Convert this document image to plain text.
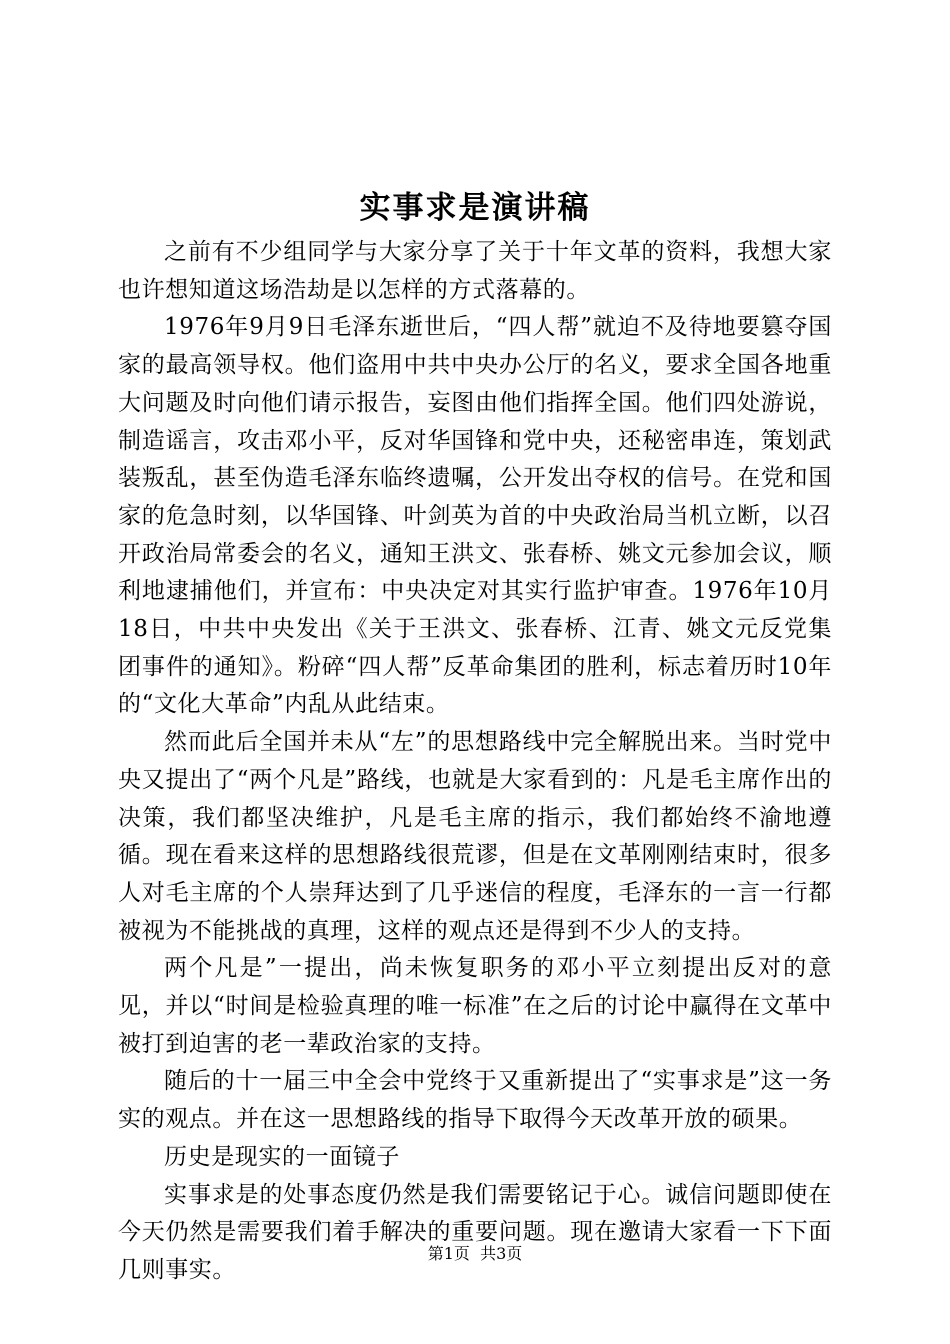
实事求是演讲稿

之前有不少组同学与大家分享了关于十年文革的资料，我想大家也许想知道这场浩劫是以怎样的方式落幕的。

1976年9月9日毛泽东逝世后，“四人帮”就迫不及待地要篡夺国家的最高领导权。他们盗用中共中央办公厅的名义，要求全国各地重大问题及时向他们请示报告，妄图由他们指挥全国。他们四处游说，制造谣言，攻击邓小平，反对华国锋和党中央，还秘密串连，策划武装叛乱，甚至伪造毛泽东临终遗嘱，公开发出夺权的信号。在党和国家的危急时刻，以华国锋、叶剑英为首的中央政治局当机立断，以召开政治局常委会的名义，通知王洪文、张春桥、姚文元参加会议，顺利地逮捕他们，并宣布：中央决定对其实行监护审查。1976年10月18日，中共中央发出《关于王洪文、张春桥、江青、姚文元反党集团事件的通知》。粉碎“四人帮”反革命集团的胜利，标志着历时10年的“文化大革命”内乱从此结束。

然而此后全国并未从“左”的思想路线中完全解脱出来。当时党中央又提出了“两个凡是”路线，也就是大家看到的：凡是毛主席作出的决策，我们都坚决维护，凡是毛主席的指示，我们都始终不渝地遵循。现在看来这样的思想路线很荒谬，但是在文革刚刚结束时，很多人对毛主席的个人崇拜达到了几乎迷信的程度，毛泽东的一言一行都被视为不能挑战的真理，这样的观点还是得到不少人的支持。

两个凡是”一提出，尚未恢复职务的邓小平立刻提出反对的意见，并以“时间是检验真理的唯一标准”在之后的讨论中赢得在文革中被打到迫害的老一辈政治家的支持。

随后的十一届三中全会中党终于又重新提出了“实事求是”这一务实的观点。并在这一思想路线的指导下取得今天改革开放的硕果。

历史是现实的一面镜子

实事求是的处事态度仍然是我们需要铭记于心。诚信问题即使在今天仍然是需要我们着手解决的重要问题。现在邀请大家看一下下面几则事实。

第1页 共3页
